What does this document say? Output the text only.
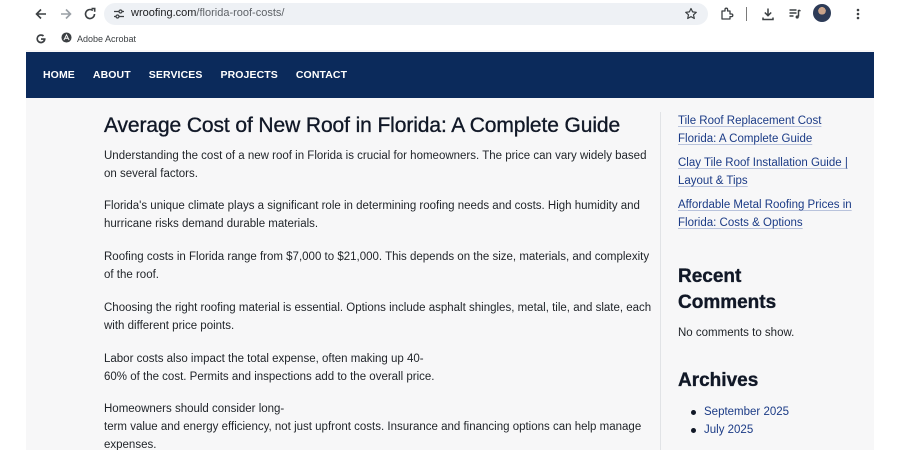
wroofing.com/florida-roof-costs/
Adobe Acrobat
HOME ABOUT SERVICES PROJECTS CONTACT
Average Cost of New Roof in Florida: A Complete Guide

Understanding the cost of a new roof in Florida is crucial for homeowners. The price can vary widely based
on several factors.

Florida's unique climate plays a significant role in determining roofing needs and costs. High humidity and
hurricane risks demand durable materials.

Roofing costs in Florida range from $7,000 to $21,000. This depends on the size, materials, and complexity
of the roof.

Choosing the right roofing material is essential. Options include asphalt shingles, metal, tile, and slate, each
with different price points.

Labor costs also impact the total expense, often making up 40-
60% of the cost. Permits and inspections add to the overall price.

Homeowners should consider long-
term value and energy efficiency, not just upfront costs. Insurance and financing options can help manage
expenses.

Tile Roof Replacement Cost
Florida: A Complete Guide
Clay Tile Roof Installation Guide |
Layout & Tips
Affordable Metal Roofing Prices in
Florida: Costs & Options
Recent
Comments

No comments to show.

Archives
September 2025
July 2025
